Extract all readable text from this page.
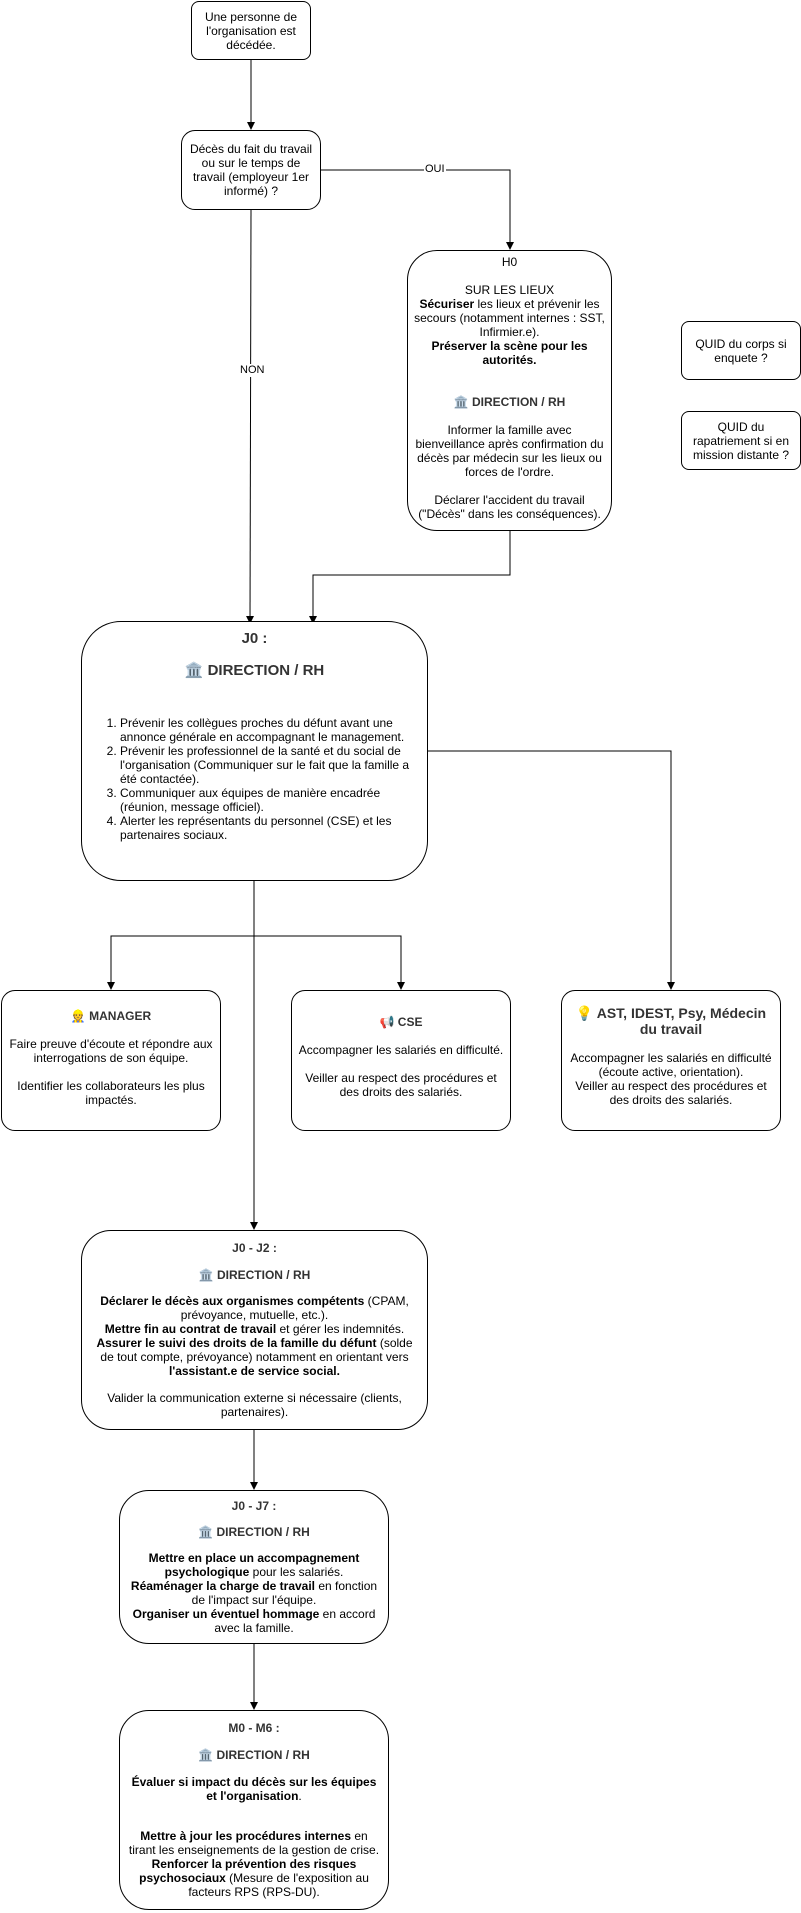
OUI
NON
Une personne de l'organisation est décédée.
Décès du fait du travail ou sur le temps de travail (employeur 1er informé) ?
H0
SUR LES LIEUX
Sécuriser les lieux et prévenir les secours (notamment internes : SST, Infirmier.e).
Préserver la scène pour les autorités.
🏛️ DIRECTION / RH
Informer la famille avec bienveillance après confirmation du décès par médecin sur les lieux ou forces de l'ordre.
Déclarer l'accident du travail ("Décès" dans les conséquences).
QUID du corps si enquete ?
QUID du rapatriement si en mission distante ?
J0 :
🏛️ DIRECTION / RH
1. Prévenir les collègues proches du défunt avant une annonce générale en accompagnant le management.
2. Prévenir les professionnel de la santé et du social de l'organisation (Communiquer sur le fait que la famille a été contactée).
3. Communiquer aux équipes de manière encadrée (réunion, message officiel).
4. Alerter les représentants du personnel (CSE) et les partenaires sociaux.
👷 MANAGER
Faire preuve d'écoute et répondre aux interrogations de son équipe.
Identifier les collaborateurs les plus impactés.
📢 CSE
Accompagner les salariés en difficulté.
Veiller au respect des procédures et des droits des salariés.
💡 AST, IDEST, Psy, Médecin du travail
Accompagner les salariés en difficulté (écoute active, orientation).
Veiller au respect des procédures et des droits des salariés.
J0 - J2 :
🏛️ DIRECTION / RH
Déclarer le décès aux organismes compétents (CPAM, prévoyance, mutuelle, etc.).
Mettre fin au contrat de travail et gérer les indemnités.
Assurer le suivi des droits de la famille du défunt (solde de tout compte, prévoyance) notamment en orientant vers l'assistant.e de service social.
Valider la communication externe si nécessaire (clients, partenaires).
J0 - J7 :
🏛️ DIRECTION / RH
Mettre en place un accompagnement psychologique pour les salariés.
Réaménager la charge de travail en fonction de l'impact sur l'équipe.
Organiser un éventuel hommage en accord avec la famille.
M0 - M6 :
🏛️ DIRECTION / RH
Évaluer si impact du décès sur les équipes et l'organisation.
Mettre à jour les procédures internes en tirant les enseignements de la gestion de crise.
Renforcer la prévention des risques psychosociaux (Mesure de l'exposition au facteurs RPS (RPS-DU).
